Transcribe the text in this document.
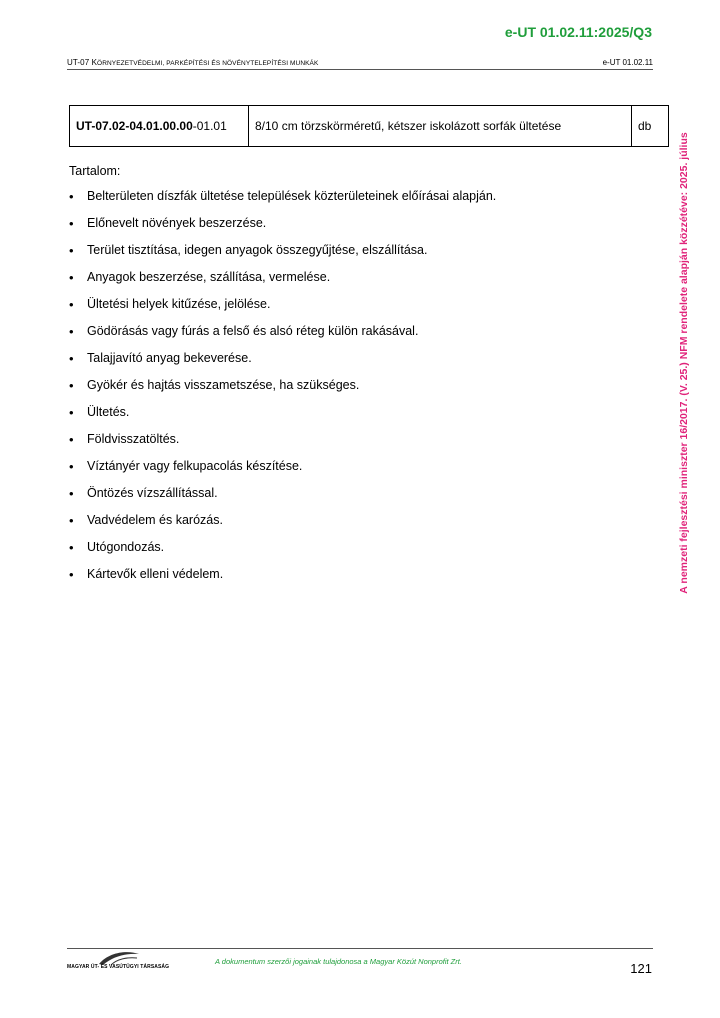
e-UT 01.02.11:2025/Q3
UT-07 KÖRNYEZETVÉDELMI, PARKÉPÍTÉSI ÉS NÖVÉNYTELEPÍTÉSI MUNKÁK	e-UT 01.02.11
UT-07.02-04.01.00.00-01.01	8/10 cm törzskörméretű, kétszer iskolázott sorfák ültetése	db
Tartalom:
• Belterületen díszfák ültetése települések közterületeinek előírásai alapján.
• Előnevelt növények beszerzése.
• Terület tisztítása, idegen anyagok összegyűjtése, elszállítása.
• Anyagok beszerzése, szállítása, vermelése.
• Ültetési helyek kitűzése, jelölése.
• Gödörásás vagy fúrás a felső és alsó réteg külön rakásával.
• Talajjavító anyag bekeverése.
• Gyökér és hajtás visszametszése, ha szükséges.
• Ültetés.
• Földvisszatöltés.
• Víztányér vagy felkupacolás készítése.
• Öntözés vízszállítással.
• Vadvédelem és karózás.
• Utógondozás.
• Kártevők elleni védelem.	A nemzeti fejlesztési miniszter 16/2017. (V. 25.) NFM rendelete alapján közzétéve: 2025. július
MAGYAR ÚT- ÉS VASÚTÜGYI TÁRSASÁG
A dokumentum szerzői jogainak tulajdonosa a Magyar Közút Nonprofit Zrt.	121
